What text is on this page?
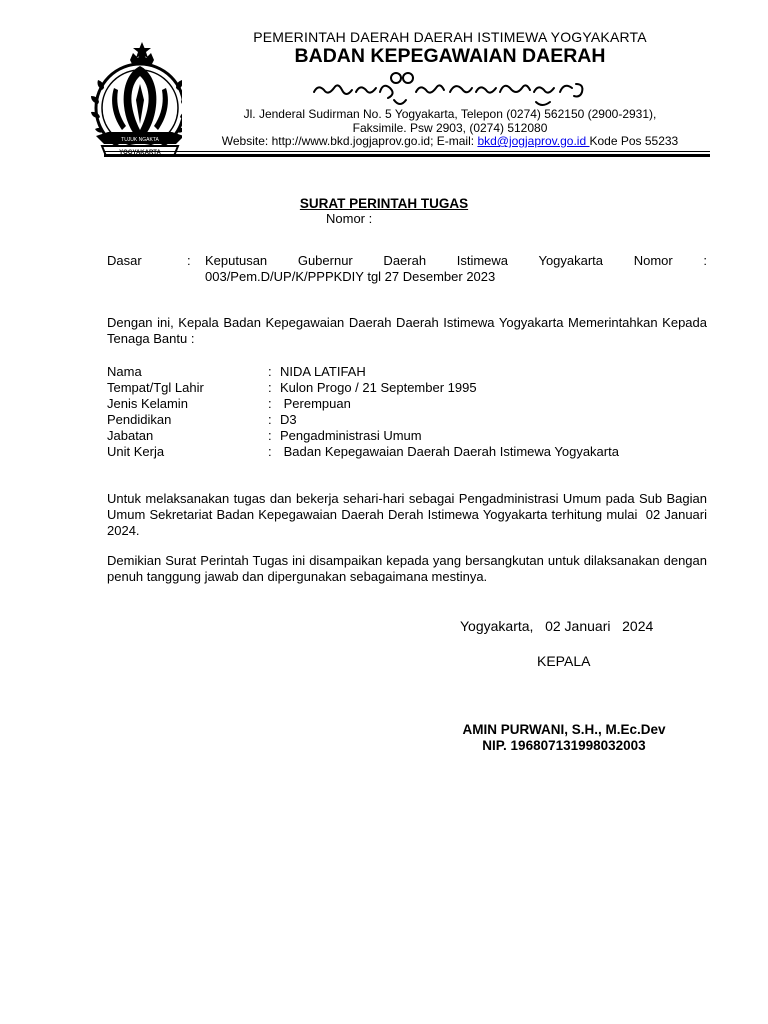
YOGYAKARTA
TUJUK NGAKTA
PEMERINTAH DAERAH DAERAH ISTIMEWA YOGYAKARTA
BADAN KEPEGAWAIAN DAERAH
Jl. Jenderal Sudirman No. 5 Yogyakarta, Telepon (0274) 562150 (2900-2931),
Faksimile. Psw 2903, (0274) 512080
Website: http://www.bkd.jogjaprov.go.id; E-mail: bkd@jogjaprov.go.id Kode Pos 55233
SURAT PERINTAH TUGAS
Nomor :
Dasar	: Keputusan Gubernur Daerah Istimewa Yogyakarta Nomor : 003/Pem.D/UP/K/PPPKDIY tgl 27 Desember 2023
Dengan ini, Kepala Badan Kepegawaian Daerah Daerah Istimewa Yogyakarta Memerintahkan Kepada Tenaga Bantu :
Nama	: NIDA LATIFAH
Tempat/Tgl Lahir	: Kulon Progo / 21 September 1995
Jenis Kelamin	: Perempuan
Pendidikan	: D3
Jabatan	: Pengadministrasi Umum
Unit Kerja	: Badan Kepegawaian Daerah Daerah Istimewa Yogyakarta
Untuk melaksanakan tugas dan bekerja sehari-hari sebagai Pengadministrasi Umum pada Sub Bagian Umum Sekretariat Badan Kepegawaian Daerah Derah Istimewa Yogyakarta terhitung mulai  02 Januari 2024.
Demikian Surat Perintah Tugas ini disampaikan kepada yang bersangkutan untuk dilaksanakan dengan penuh tanggung jawab dan dipergunakan sebagaimana mestinya.
Yogyakarta,   02 Januari   2024
KEPALA
AMIN PURWANI, S.H., M.Ec.Dev
NIP. 196807131998032003
